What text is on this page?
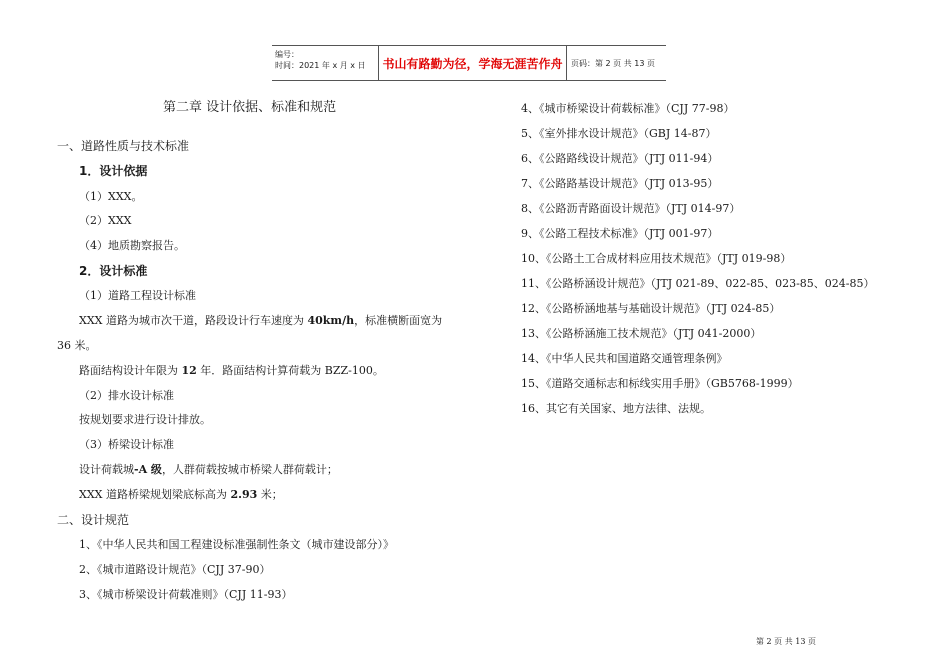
编号：
时间：2021 年 x 月 x 日	书山有路勤为径，学海无涯苦作舟	页码：第 2 页 共 13 页
第二章 设计依据、标准和规范
一、道路性质与技术标准
1．设计依据
（1）XXX。
（2）XXX
（4）地质勘察报告。
2．设计标准
（1）道路工程设计标准
XXX 道路为城市次干道，路段设计行车速度为 40km/h，标准横断面宽为
36 米。
路面结构设计年限为 12 年．路面结构计算荷载为 BZZ-100。
（2）排水设计标准
按规划要求进行设计排放。
（3）桥梁设计标准
设计荷载城-A 级，人群荷载按城市桥梁人群荷载计；
XXX 道路桥梁规划梁底标高为 2.93 米；
二、设计规范
1、《中华人民共和国工程建设标准强制性条文（城市建设部分）》
2、《城市道路设计规范》（CJJ 37-90）
3、《城市桥梁设计荷载准则》（CJJ 11-93）
4、《城市桥梁设计荷载标准》（CJJ 77-98）
5、《室外排水设计规范》（GBJ 14-87）
6、《公路路线设计规范》（JTJ 011-94）
7、《公路路基设计规范》（JTJ 013-95）
8、《公路沥青路面设计规范》（JTJ 014-97）
9、《公路工程技术标准》（JTJ 001-97）
10、《公路土工合成材料应用技术规范》（JTJ 019-98）
11、《公路桥涵设计规范》（JTJ 021-89、022-85、023-85、024-85）
12、《公路桥涵地基与基础设计规范》（JTJ 024-85）
13、《公路桥涵施工技术规范》（JTJ 041-2000）
14、《中华人民共和国道路交通管理条例》
15、《道路交通标志和标线实用手册》（GB5768-1999）
16、其它有关国家、地方法律、法规。
第 2 页 共 13 页
